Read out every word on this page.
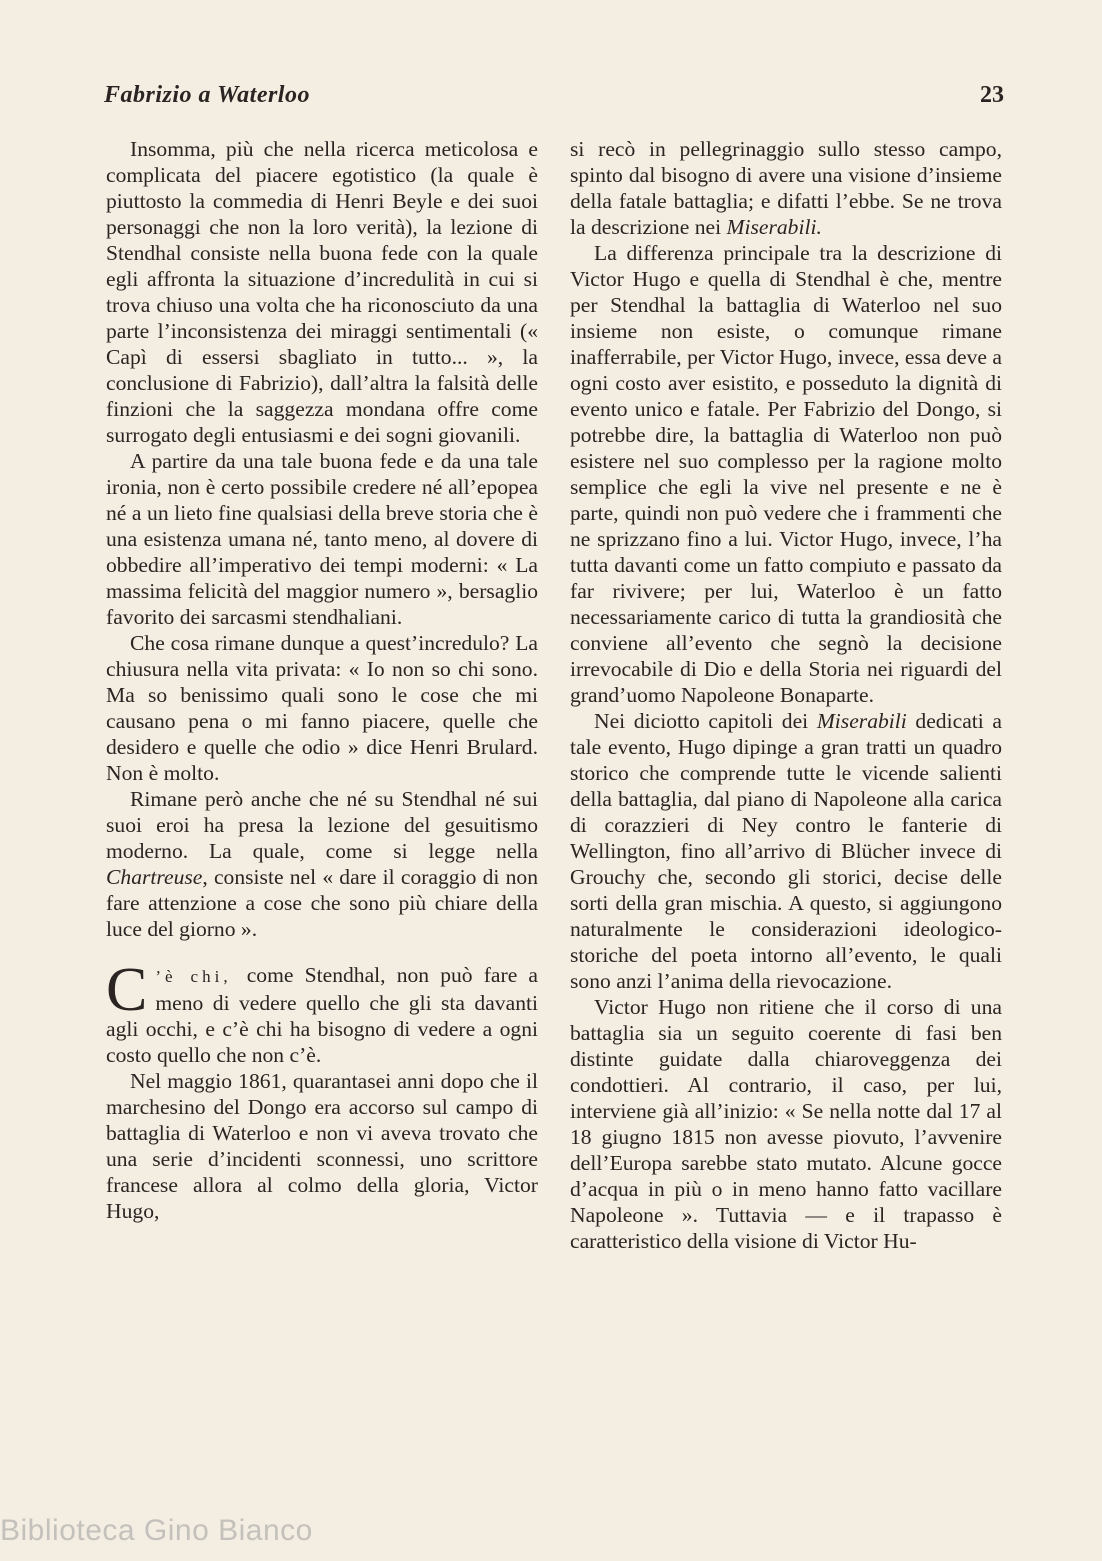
Fabrizio a Waterloo	23

Insomma, più che nella ricerca meticolosa e complicata del piacere egotistico (la quale è piuttosto la commedia di Henri Beyle e dei suoi personaggi che non la loro verità), la lezione di Stendhal consiste nella buona fede con la quale egli affronta la situazione d’incredulità in cui si trova chiuso una volta che ha riconosciuto da una parte l’inconsistenza dei miraggi sentimentali (« Capì di essersi sbagliato in tutto... », la conclusione di Fabrizio), dall’altra la falsità delle finzioni che la saggezza mondana offre come surrogato degli entusiasmi e dei sogni giovanili.

A partire da una tale buona fede e da una tale ironia, non è certo possibile credere né all’epopea né a un lieto fine qualsiasi della breve storia che è una esistenza umana né, tanto meno, al dovere di obbedire all’imperativo dei tempi moderni: « La massima felicità del maggior numero », bersaglio favorito dei sarcasmi stendhaliani.

Che cosa rimane dunque a quest’incredulo? La chiusura nella vita privata: « Io non so chi sono. Ma so benissimo quali sono le cose che mi causano pena o mi fanno piacere, quelle che desidero e quelle che odio » dice Henri Brulard. Non è molto.

Rimane però anche che né su Stendhal né sui suoi eroi ha presa la lezione del gesuitismo moderno. La quale, come si legge nella Chartreuse, consiste nel « dare il coraggio di non fare attenzione a cose che sono più chiare della luce del giorno ».

C ’è chi, come Stendhal, non può fare a meno di vedere quello che gli sta davanti agli occhi, e c’è chi ha bisogno di vedere a ogni costo quello che non c’è.

Nel maggio 1861, quarantasei anni dopo che il marchesino del Dongo era accorso sul campo di battaglia di Waterloo e non vi aveva trovato che una serie d’incidenti sconnessi, uno scrittore francese allora al colmo della gloria, Victor Hugo,

si recò in pellegrinaggio sullo stesso campo, spinto dal bisogno di avere una visione d’insieme della fatale battaglia; e difatti l’ebbe. Se ne trova la descrizione nei Miserabili.

La differenza principale tra la descrizione di Victor Hugo e quella di Stendhal è che, mentre per Stendhal la battaglia di Waterloo nel suo insieme non esiste, o comunque rimane inafferrabile, per Victor Hugo, invece, essa deve a ogni costo aver esistito, e posseduto la dignità di evento unico e fatale. Per Fabrizio del Dongo, si potrebbe dire, la battaglia di Waterloo non può esistere nel suo complesso per la ragione molto semplice che egli la vive nel presente e ne è parte, quindi non può vedere che i frammenti che ne sprizzano fino a lui. Victor Hugo, invece, l’ha tutta davanti come un fatto compiuto e passato da far rivivere; per lui, Waterloo è un fatto necessariamente carico di tutta la grandiosità che conviene all’evento che segnò la decisione irrevocabile di Dio e della Storia nei riguardi del grand’uomo Napoleone Bonaparte.

Nei diciotto capitoli dei Miserabili dedicati a tale evento, Hugo dipinge a gran tratti un quadro storico che comprende tutte le vicende salienti della battaglia, dal piano di Napoleone alla carica di corazzieri di Ney contro le fanterie di Wellington, fino all’arrivo di Blücher invece di Grouchy che, secondo gli storici, decise delle sorti della gran mischia. A questo, si aggiungono naturalmente le considerazioni ideologico-storiche del poeta intorno all’evento, le quali sono anzi l’anima della rievocazione.

Victor Hugo non ritiene che il corso di una battaglia sia un seguito coerente di fasi ben distinte guidate dalla chiaroveggenza dei condottieri. Al contrario, il caso, per lui, interviene già all’inizio: « Se nella notte dal 17 al 18 giugno 1815 non avesse piovuto, l’avvenire dell’Europa sarebbe stato mutato. Alcune gocce d’acqua in più o in meno hanno fatto vacillare Napoleone ». Tuttavia — e il trapasso è caratteristico della visione di Victor Hu-

Biblioteca Gino Bianco
